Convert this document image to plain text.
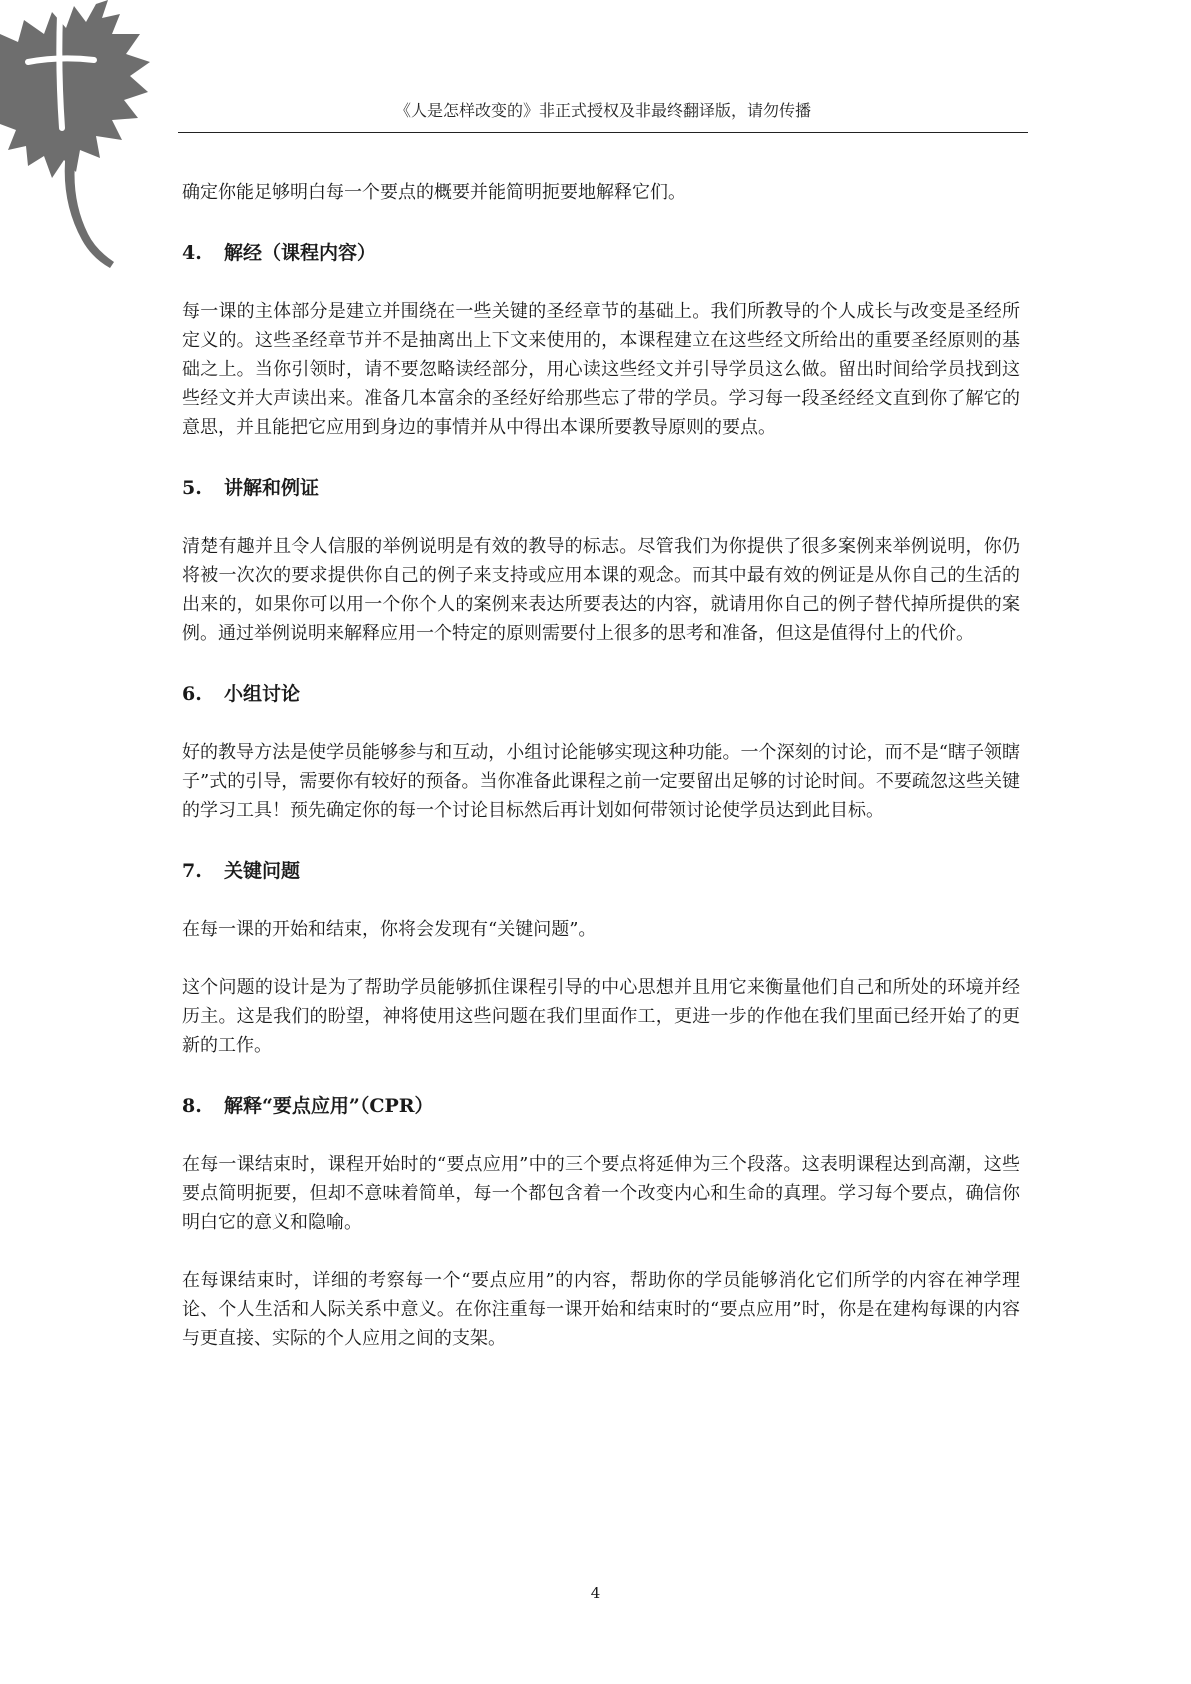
《人是怎样改变的》非正式授权及非最终翻译版，请勿传播

确定你能足够明白每一个要点的概要并能简明扼要地解释它们。

4. 解经（课程内容）

每一课的主体部分是建立并围绕在一些关键的圣经章节的基础上。我们所教导的个人成长与改变是圣经所定义的。这些圣经章节并不是抽离出上下文来使用的，本课程建立在这些经文所给出的重要圣经原则的基础之上。当你引领时，请不要忽略读经部分，用心读这些经文并引导学员这么做。留出时间给学员找到这些经文并大声读出来。准备几本富余的圣经好给那些忘了带的学员。学习每一段圣经经文直到你了解它的意思，并且能把它应用到身边的事情并从中得出本课所要教导原则的要点。

5. 讲解和例证

清楚有趣并且令人信服的举例说明是有效的教导的标志。尽管我们为你提供了很多案例来举例说明，你仍将被一次次的要求提供你自己的例子来支持或应用本课的观念。而其中最有效的例证是从你自己的生活的出来的，如果你可以用一个你个人的案例来表达所要表达的内容，就请用你自己的例子替代掉所提供的案例。通过举例说明来解释应用一个特定的原则需要付上很多的思考和准备，但这是值得付上的代价。

6. 小组讨论

好的教导方法是使学员能够参与和互动，小组讨论能够实现这种功能。一个深刻的讨论，而不是“瞎子领瞎子”式的引导，需要你有较好的预备。当你准备此课程之前一定要留出足够的讨论时间。不要疏忽这些关键的学习工具！预先确定你的每一个讨论目标然后再计划如何带领讨论使学员达到此目标。

7. 关键问题

在每一课的开始和结束，你将会发现有“关键问题”。

这个问题的设计是为了帮助学员能够抓住课程引导的中心思想并且用它来衡量他们自己和所处的环境并经历主。这是我们的盼望，神将使用这些问题在我们里面作工，更进一步的作他在我们里面已经开始了的更新的工作。

8. 解释“要点应用”（CPR）

在每一课结束时，课程开始时的“要点应用”中的三个要点将延伸为三个段落。这表明课程达到高潮，这些要点简明扼要，但却不意味着简单，每一个都包含着一个改变内心和生命的真理。学习每个要点，确信你明白它的意义和隐喻。

在每课结束时，详细的考察每一个“要点应用”的内容，帮助你的学员能够消化它们所学的内容在神学理论、个人生活和人际关系中意义。在你注重每一课开始和结束时的“要点应用”时，你是在建构每课的内容与更直接、实际的个人应用之间的支架。

4
